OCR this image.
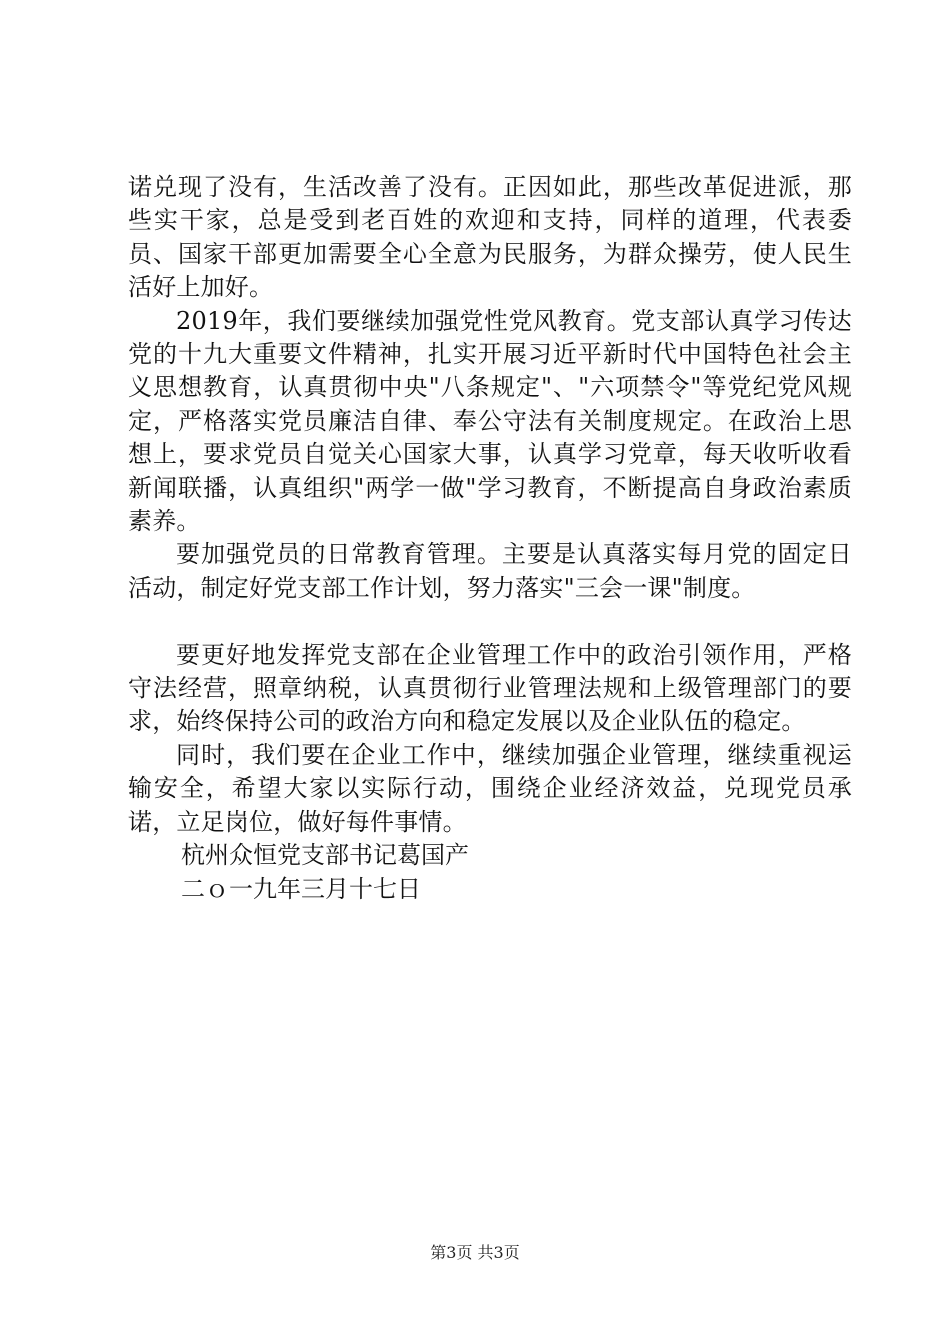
诺兑现了没有，生活改善了没有。正因如此，那些改革促进派，那些实干家，总是受到老百姓的欢迎和支持，同样的道理，代表委员、国家干部更加需要全心全意为民服务，为群众操劳，使人民生活好上加好。

2019年，我们要继续加强党性党风教育。党支部认真学习传达党的十九大重要文件精神，扎实开展习近平新时代中国特色社会主义思想教育，认真贯彻中央"八条规定"、"六项禁令"等党纪党风规定，严格落实党员廉洁自律、奉公守法有关制度规定。在政治上思想上，要求党员自觉关心国家大事，认真学习党章，每天收听收看新闻联播，认真组织"两学一做"学习教育，不断提高自身政治素质素养。

要加强党员的日常教育管理。主要是认真落实每月党的固定日活动，制定好党支部工作计划，努力落实"三会一课"制度。

要更好地发挥党支部在企业管理工作中的政治引领作用，严格守法经营，照章纳税，认真贯彻行业管理法规和上级管理部门的要求，始终保持公司的政治方向和稳定发展以及企业队伍的稳定。

同时，我们要在企业工作中，继续加强企业管理，继续重视运输安全，希望大家以实际行动，围绕企业经济效益，兑现党员承诺，立足岗位，做好每件事情。

杭州众恒党支部书记葛国产

二ｏ一九年三月十七日

第3页 共3页
